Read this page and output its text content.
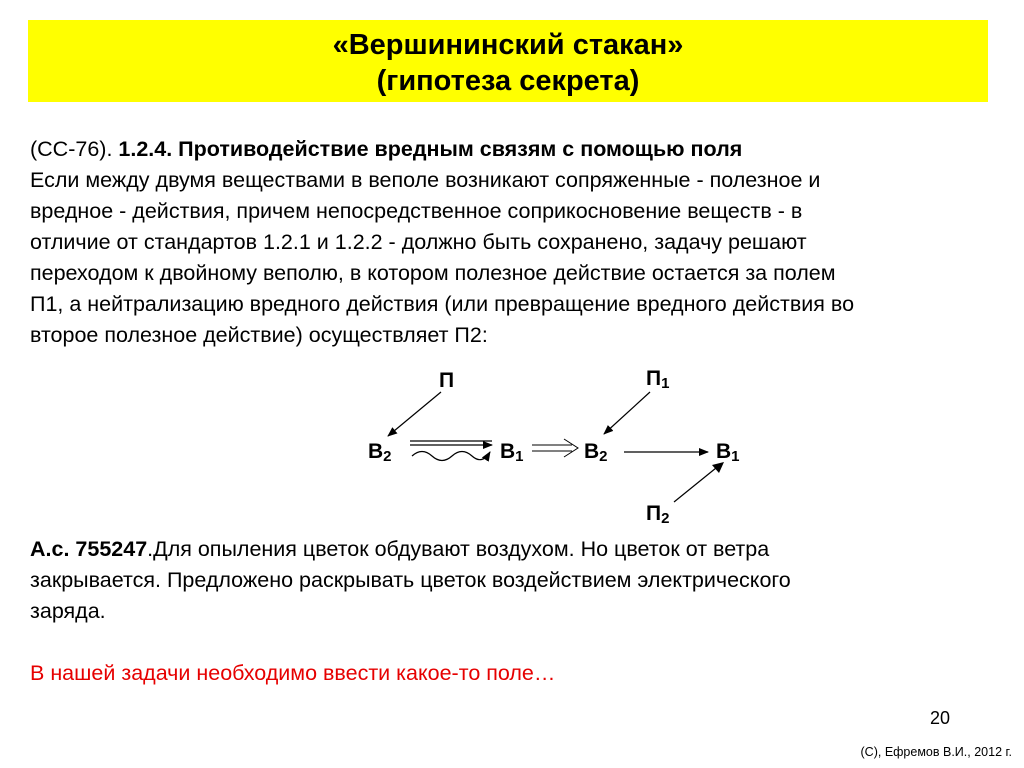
«Вершининский стакан»
(гипотеза секрета)
(СС-76). 1.2.4. Противодействие вредным связям с помощью поля
Если между двумя веществами в веполе возникают сопряженные - полезное и
вредное - действия, причем непосредственное соприкосновение веществ - в
отличие от стандартов 1.2.1 и 1.2.2 - должно быть сохранено, задачу решают
переходом к двойному веполю, в котором полезное действие остается за полем
П1, а нейтрализацию вредного действия (или превращение вредного действия во
второе полезное действие) осуществляет П2:
П
В2	В1
П1
В2	В1
П2
А.с. 755247.Для опыления цветок обдувают воздухом. Но цветок от ветра
закрывается. Предложено раскрывать цветок воздействием электрического
заряда.
В нашей задачи необходимо ввести какое-то поле…
20
(С), Ефремов В.И., 2012 г.
